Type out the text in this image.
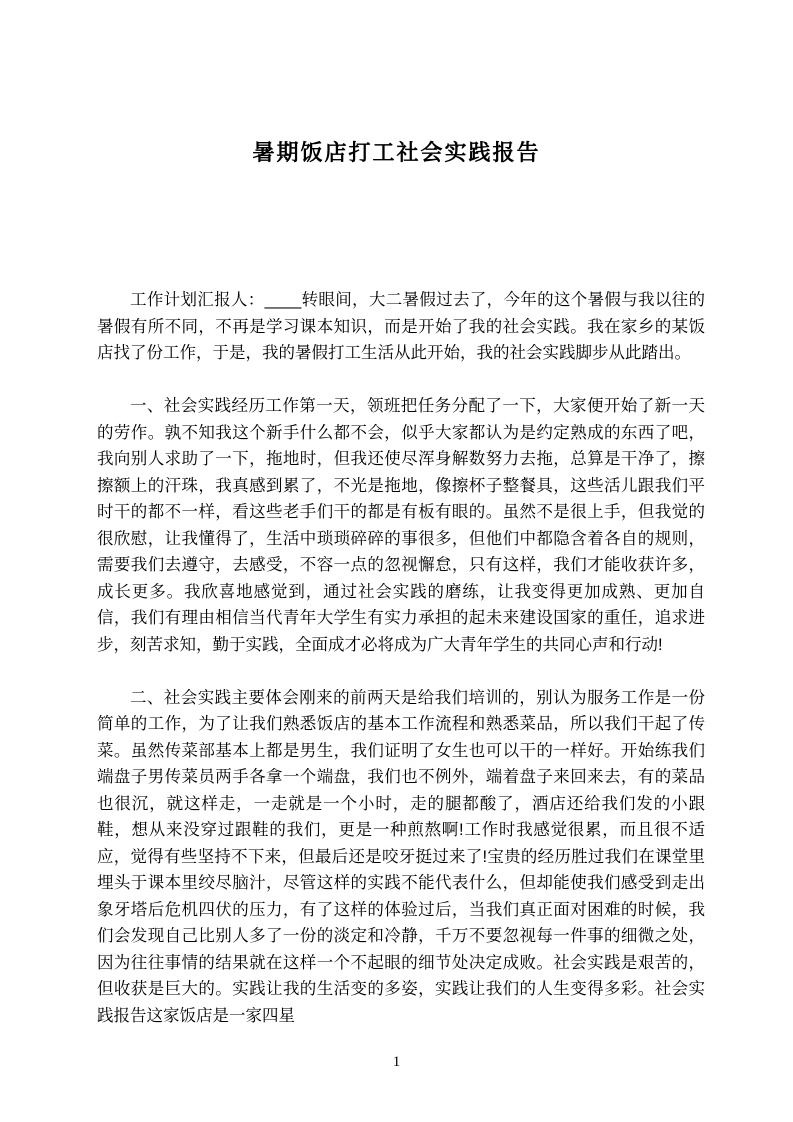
暑期饭店打工社会实践报告

工作计划汇报人：____转眼间，大二暑假过去了，今年的这个暑假与我以往的暑假有所不同，不再是学习课本知识，而是开始了我的社会实践。我在家乡的某饭店找了份工作，于是，我的暑假打工生活从此开始，我的社会实践脚步从此踏出。

一、社会实践经历工作第一天，领班把任务分配了一下，大家便开始了新一天的劳作。孰不知我这个新手什么都不会，似乎大家都认为是约定熟成的东西了吧，我向别人求助了一下，拖地时，但我还使尽浑身解数努力去拖，总算是干净了，擦擦额上的汗珠，我真感到累了，不光是拖地，像擦杯子整餐具，这些活儿跟我们平时干的都不一样，看这些老手们干的都是有板有眼的。虽然不是很上手，但我觉的很欣慰，让我懂得了，生活中琐琐碎碎的事很多，但他们中都隐含着各自的规则，需要我们去遵守，去感受，不容一点的忽视懈怠，只有这样，我们才能收获许多，成长更多。我欣喜地感觉到，通过社会实践的磨练，让我变得更加成熟、更加自信，我们有理由相信当代青年大学生有实力承担的起未来建设国家的重任，追求进步，刻苦求知，勤于实践，全面成才必将成为广大青年学生的共同心声和行动!

二、社会实践主要体会刚来的前两天是给我们培训的，别认为服务工作是一份简单的工作，为了让我们熟悉饭店的基本工作流程和熟悉菜品，所以我们干起了传菜。虽然传菜部基本上都是男生，我们证明了女生也可以干的一样好。开始练我们端盘子男传菜员两手各拿一个端盘，我们也不例外，端着盘子来回来去，有的菜品也很沉，就这样走，一走就是一个小时，走的腿都酸了，酒店还给我们发的小跟鞋，想从来没穿过跟鞋的我们，更是一种煎熬啊!工作时我感觉很累，而且很不适应，觉得有些坚持不下来，但最后还是咬牙挺过来了!宝贵的经历胜过我们在课堂里埋头于课本里绞尽脑汁，尽管这样的实践不能代表什么，但却能使我们感受到走出象牙塔后危机四伏的压力，有了这样的体验过后，当我们真正面对困难的时候，我们会发现自己比别人多了一份的淡定和冷静，千万不要忽视每一件事的细微之处，因为往往事情的结果就在这样一个不起眼的细节处决定成败。社会实践是艰苦的，但收获是巨大的。实践让我的生活变的多姿，实践让我们的人生变得多彩。社会实践报告这家饭店是一家四星

1
